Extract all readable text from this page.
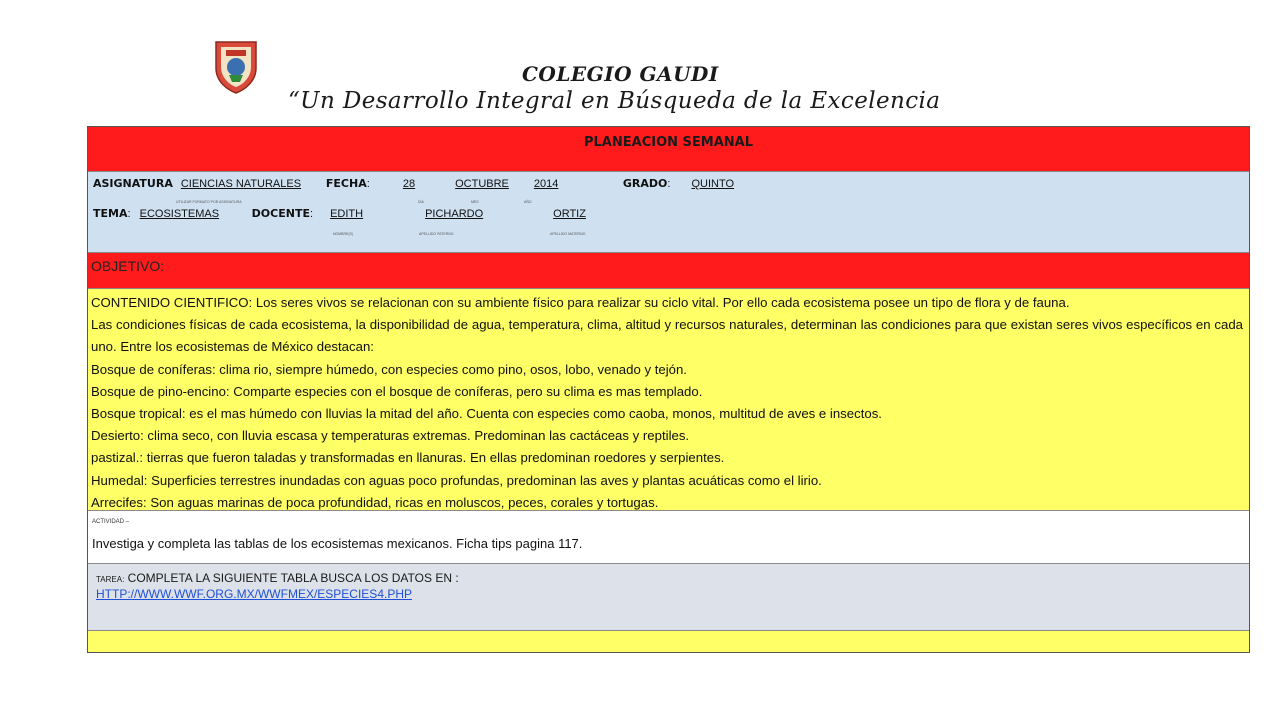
COLEGIO GAUDI
“Un Desarrollo Integral en Búsqueda de la Excelencia
PLANEACION SEMANAL
ASIGNATURA CIENCIAS NATURALES FECHA:	28	OCTUBRE 2014	GRADO: QUINTO
UTILIZAR FORMATO POR ASIGNATURA	DÍA	MES	AÑO
TEMA: ECOSISTEMAS	DOCENTE: EDITH	PICHARDO	ORTIZ
NOMBRE(S)	APELLIDO PATERNO	APELLIDO MATERNO
OBJETIVO:

CONTENIDO CIENTIFICO: Los seres vivos se relacionan con su ambiente físico para realizar su ciclo vital. Por ello cada ecosistema posee un tipo de flora y de fauna.

Las condiciones físicas de cada ecosistema, la disponibilidad de agua, temperatura, clima, altitud y recursos naturales, determinan las condiciones para que existan seres vivos específicos en cada uno. Entre los ecosistemas de México destacan:

Bosque de coníferas: clima rio, siempre húmedo, con especies como pino, osos, lobo, venado y tejón.

Bosque de pino-encino: Comparte especies con el bosque de coníferas, pero su clima es mas templado.

Bosque tropical: es el mas húmedo con lluvias la mitad del año. Cuenta con especies como caoba, monos, multitud de aves e insectos.

Desierto: clima seco, con lluvia escasa y temperaturas extremas. Predominan las cactáceas y reptiles.

pastizal.: tierras que fueron taladas y transformadas en llanuras. En ellas predominan roedores y serpientes.

Humedal: Superficies terrestres inundadas con aguas poco profundas, predominan las aves y plantas acuáticas como el lirio.

Arrecifes: Son aguas marinas de poca profundidad, ricas en moluscos, peces, corales y tortugas.

ACTIVIDAD –
Investiga y completa las tablas de los ecosistemas mexicanos. Ficha tips pagina 117.
TAREA: COMPLETA LA SIGUIENTE TABLA BUSCA LOS DATOS EN :
HTTP://WWW.WWF.ORG.MX/WWFMEX/ESPECIES4.PHP
